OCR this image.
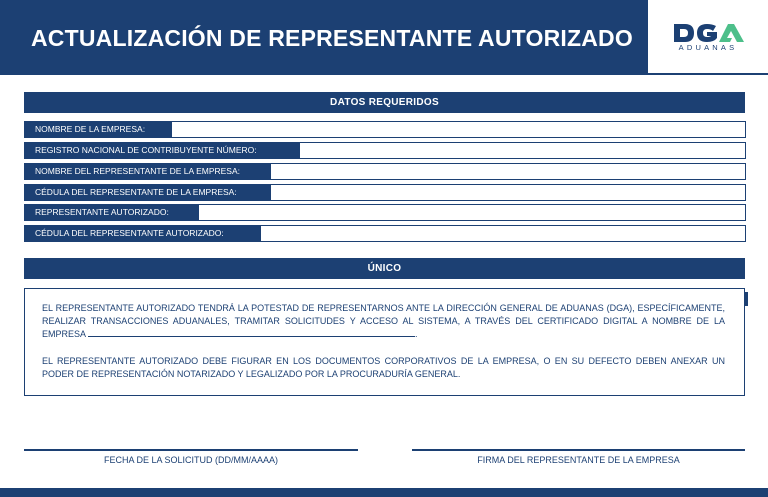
ACTUALIZACIÓN DE REPRESENTANTE AUTORIZADO	ADUANAS
DATOS REQUERIDOS
NOMBRE DE LA EMPRESA:
REGISTRO NACIONAL DE CONTRIBUYENTE NÚMERO:
NOMBRE DEL REPRESENTANTE DE LA EMPRESA:
CÉDULA DEL REPRESENTANTE DE LA EMPRESA:
REPRESENTANTE AUTORIZADO:
CÉDULA DEL REPRESENTANTE AUTORIZADO:
ÚNICO
EL REPRESENTANTE AUTORIZADO TENDRÁ LA POTESTAD DE REPRESENTARNOS ANTE LA DIRECCIÓN GENERAL DE ADUANAS (DGA), ESPECÍFICAMENTE, REALIZAR TRANSACCIONES ADUANALES, TRAMITAR SOLICITUDES Y ACCESO AL SISTEMA, A TRAVÉS DEL CERTIFICADO DIGITAL A NOMBRE DE LA EMPRESA	.
EL REPRESENTANTE AUTORIZADO DEBE FIGURAR EN LOS DOCUMENTOS CORPORATIVOS DE LA EMPRESA, O EN SU DEFECTO DEBEN ANEXAR UN PODER DE REPRESENTACIÓN NOTARIZADO Y LEGALIZADO POR LA PROCURADURÍA GENERAL.
FECHA DE LA SOLICITUD (DD/MM/AAAA)	FIRMA DEL REPRESENTANTE DE LA EMPRESA
